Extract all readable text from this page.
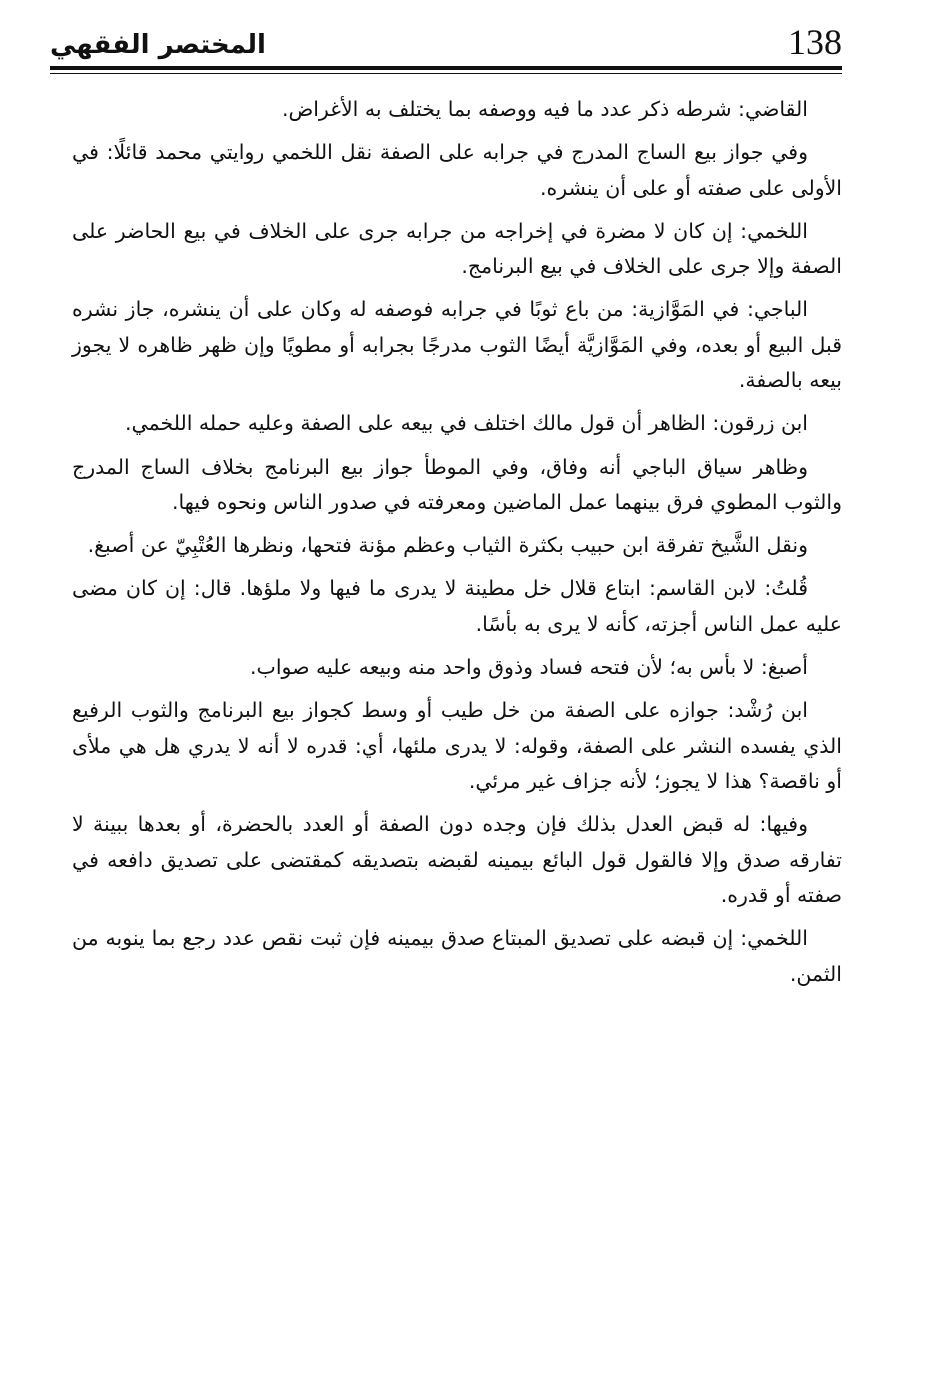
138
المختصر الفقهي

القاضي: شرطه ذكر عدد ما فيه ووصفه بما يختلف به الأغراض.

وفي جواز بيع الساج المدرج في جرابه على الصفة نقل اللخمي روايتي محمد قائلًا: في الأولى على صفته أو على أن ينشره.

اللخمي: إن كان لا مضرة في إخراجه من جرابه جرى على الخلاف في بيع الحاضر على الصفة وإلا جرى على الخلاف في بيع البرنامج.

الباجي: في المَوَّازية: من باع ثوبًا في جرابه فوصفه له وكان على أن ينشره، جاز نشره قبل البيع أو بعده، وفي المَوَّازيَّة أيضًا الثوب مدرجًا بجرابه أو مطويًا وإن ظهر ظاهره لا يجوز بيعه بالصفة.

ابن زرقون: الظاهر أن قول مالك اختلف في بيعه على الصفة وعليه حمله اللخمي.

وظاهر سياق الباجي أنه وفاق، وفي الموطأ جواز بيع البرنامج بخلاف الساج المدرج والثوب المطوي فرق بينهما عمل الماضين ومعرفته في صدور الناس ونحوه فيها.

ونقل الشَّيخ تفرقة ابن حبيب بكثرة الثياب وعظم مؤنة فتحها، ونظرها العُتْبِيّ عن أصبغ.

قُلتُ: لابن القاسم: ابتاع قلال خل مطينة لا يدرى ما فيها ولا ملؤها. قال: إن كان مضى عليه عمل الناس أجزته، كأنه لا يرى به بأسًا.

أصبغ: لا بأس به؛ لأن فتحه فساد وذوق واحد منه وبيعه عليه صواب.

ابن رُشْد: جوازه على الصفة من خل طيب أو وسط كجواز بيع البرنامج والثوب الرفيع الذي يفسده النشر على الصفة، وقوله: لا يدرى ملئها، أي: قدره لا أنه لا يدري هل هي ملأى أو ناقصة؟ هذا لا يجوز؛ لأنه جزاف غير مرئي.

وفيها: له قبض العدل بذلك فإن وجده دون الصفة أو العدد بالحضرة، أو بعدها ببينة لا تفارقه صدق وإلا فالقول قول البائع بيمينه لقبضه بتصديقه كمقتضى على تصديق دافعه في صفته أو قدره.

اللخمي: إن قبضه على تصديق المبتاع صدق بيمينه فإن ثبت نقص عدد رجع بما ينوبه من الثمن.
